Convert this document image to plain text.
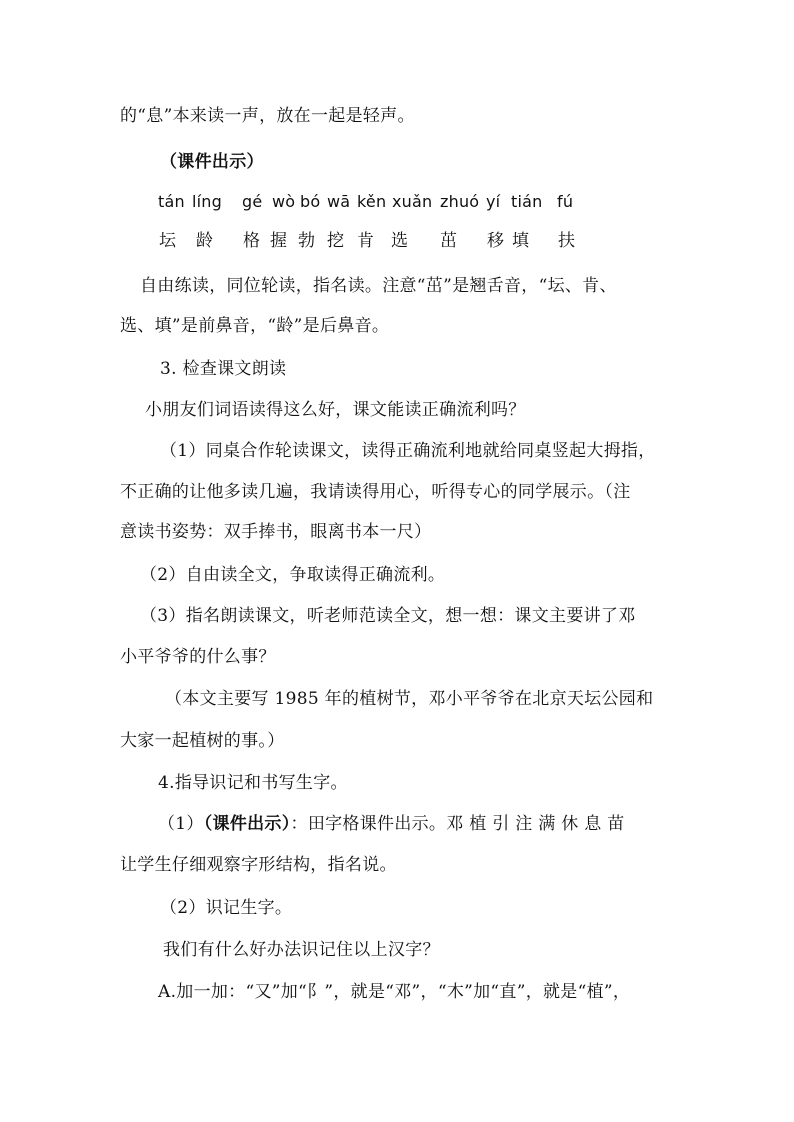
的“息”本来读一声，放在一起是轻声。
（课件出示）
tán líng gé wò bó wā kěn xuǎn zhuó yí tián fú
坛 龄 格 握 勃 挖 肯 选 茁 移 填 扶
自由练读，同位轮读，指名读。注意“茁”是翘舌音，“坛、肯、
选、填”是前鼻音，“龄”是后鼻音。
3. 检查课文朗读
小朋友们词语读得这么好，课文能读正确流利吗？
（1）同桌合作轮读课文，读得正确流利地就给同桌竖起大拇指，
不正确的让他多读几遍，我请读得用心，听得专心的同学展示。（注
意读书姿势：双手捧书，眼离书本一尺）
（2）自由读全文，争取读得正确流利。
（3）指名朗读课文，听老师范读全文，想一想：课文主要讲了邓
小平爷爷的什么事？
（本文主要写 1985 年的植树节，邓小平爷爷在北京天坛公园和
大家一起植树的事。）
4.指导识记和书写生字。
（1）（课件出示）：田字格课件出示。邓 植 引 注 满 休 息 苗
让学生仔细观察字形结构，指名说。
（2）识记生字。
我们有什么好办法识记住以上汉字？
A.加一加：“又”加“阝”，就是“邓”，“木”加“直”，就是“植”，
